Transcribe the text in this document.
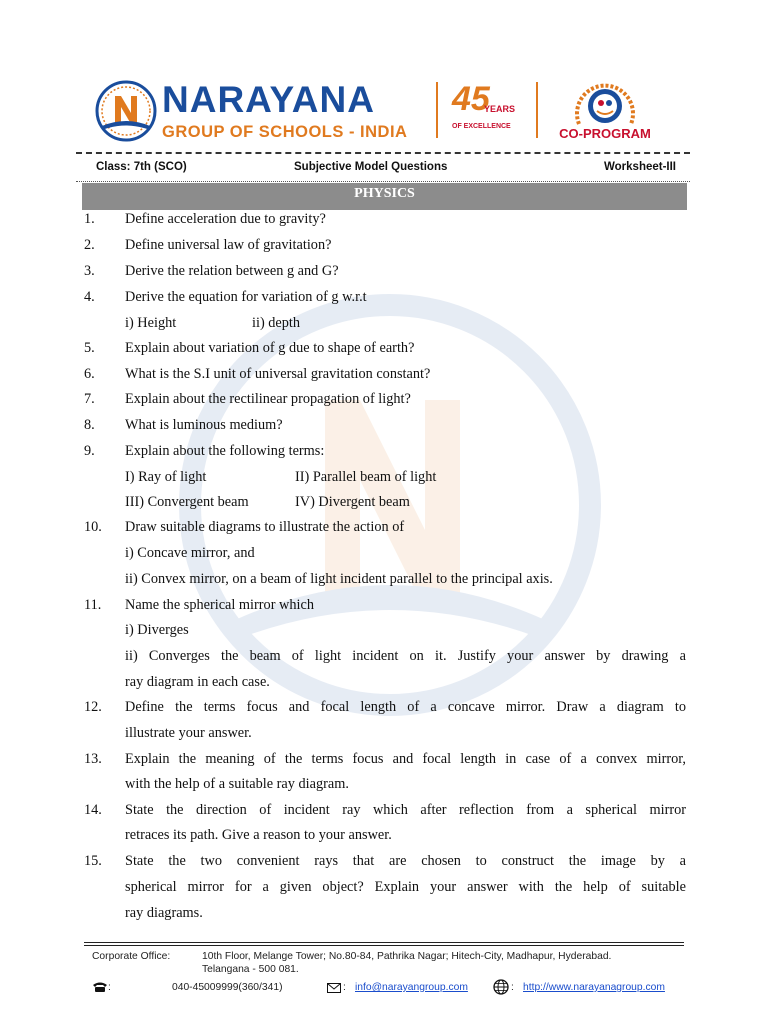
NARAYANA
GROUP OF SCHOOLS - INDIA
45
YEARS
OF EXCELLENCE	CO-PROGRAM
Class: 7th (SCO)	Subjective Model Questions	Worksheet-III
PHYSICS
1.	Define acceleration due to gravity?
2.	Define universal law of gravitation?
3.	Derive the relation between g and G?
4.	Derive the equation for variation of g w.r.t
i) Height	ii) depth
5.	Explain about variation of g due to shape of earth?
6.	What is the S.I unit of universal gravitation constant?
7.	Explain about the rectilinear propagation of light?
8.	What is luminous medium?
9.	Explain about the following terms:
I) Ray of light	II) Parallel beam of light
III) Convergent beam	IV) Divergent beam
10.	Draw suitable diagrams to illustrate the action of
i) Concave mirror, and
ii) Convex mirror, on a beam of light incident parallel to the principal axis.
11.	Name the spherical mirror which
i) Diverges
ii) Converges the beam of light incident on it. Justify your answer by drawing a
ray diagram in each case.
12.	Define the terms focus and focal length of a concave mirror. Draw a diagram to
illustrate your answer.
13.	Explain the meaning of the terms focus and focal length in case of a convex mirror,
with the help of a suitable ray diagram.
14.	State the direction of incident ray which after reflection from a spherical mirror
retraces its path. Give a reason to your answer.
15.	State the two convenient rays that are chosen to construct the image by a
spherical mirror for a given object? Explain your answer with the help of suitable
ray diagrams.
Corporate Office:	10th Floor, Melange Tower; No.80-84, Pathrika Nagar; Hitech-City, Madhapur, Hyderabad.
Telangana - 500 081.
:	040-45009999(360/341)	: info@narayangroup.com	: http://www.narayanagroup.com
